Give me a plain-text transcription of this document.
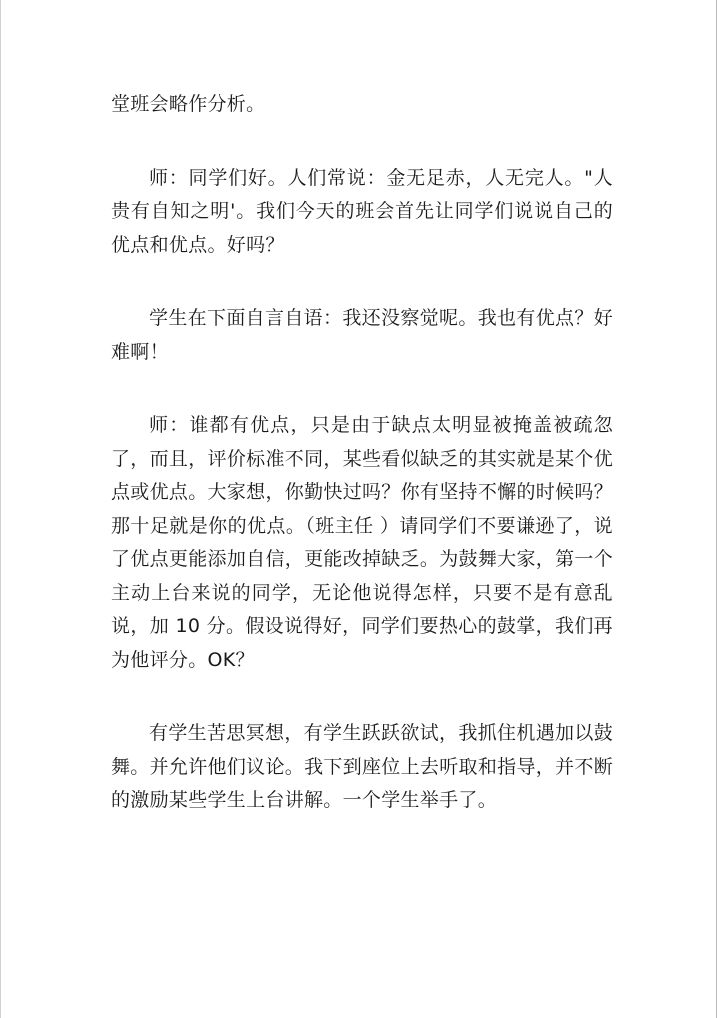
堂班会略作分析。

师：同学们好。人们常说：金无足赤，人无完人。"人贵有自知之明'。我们今天的班会首先让同学们说说自己的优点和优点。好吗？

学生在下面自言自语：我还没察觉呢。我也有优点？好难啊！

师：谁都有优点，只是由于缺点太明显被掩盖被疏忽了，而且，评价标准不同，某些看似缺乏的其实就是某个优点或优点。大家想，你勤快过吗？你有坚持不懈的时候吗？那十足就是你的优点。（班主任 ）请同学们不要谦逊了，说了优点更能添加自信，更能改掉缺乏。为鼓舞大家，第一个主动上台来说的同学，无论他说得怎样，只要不是有意乱说，加 10 分。假设说得好，同学们要热心的鼓掌，我们再为他评分。OK？

有学生苦思冥想，有学生跃跃欲试，我抓住机遇加以鼓舞。并允许他们议论。我下到座位上去听取和指导，并不断的激励某些学生上台讲解。一个学生举手了。
